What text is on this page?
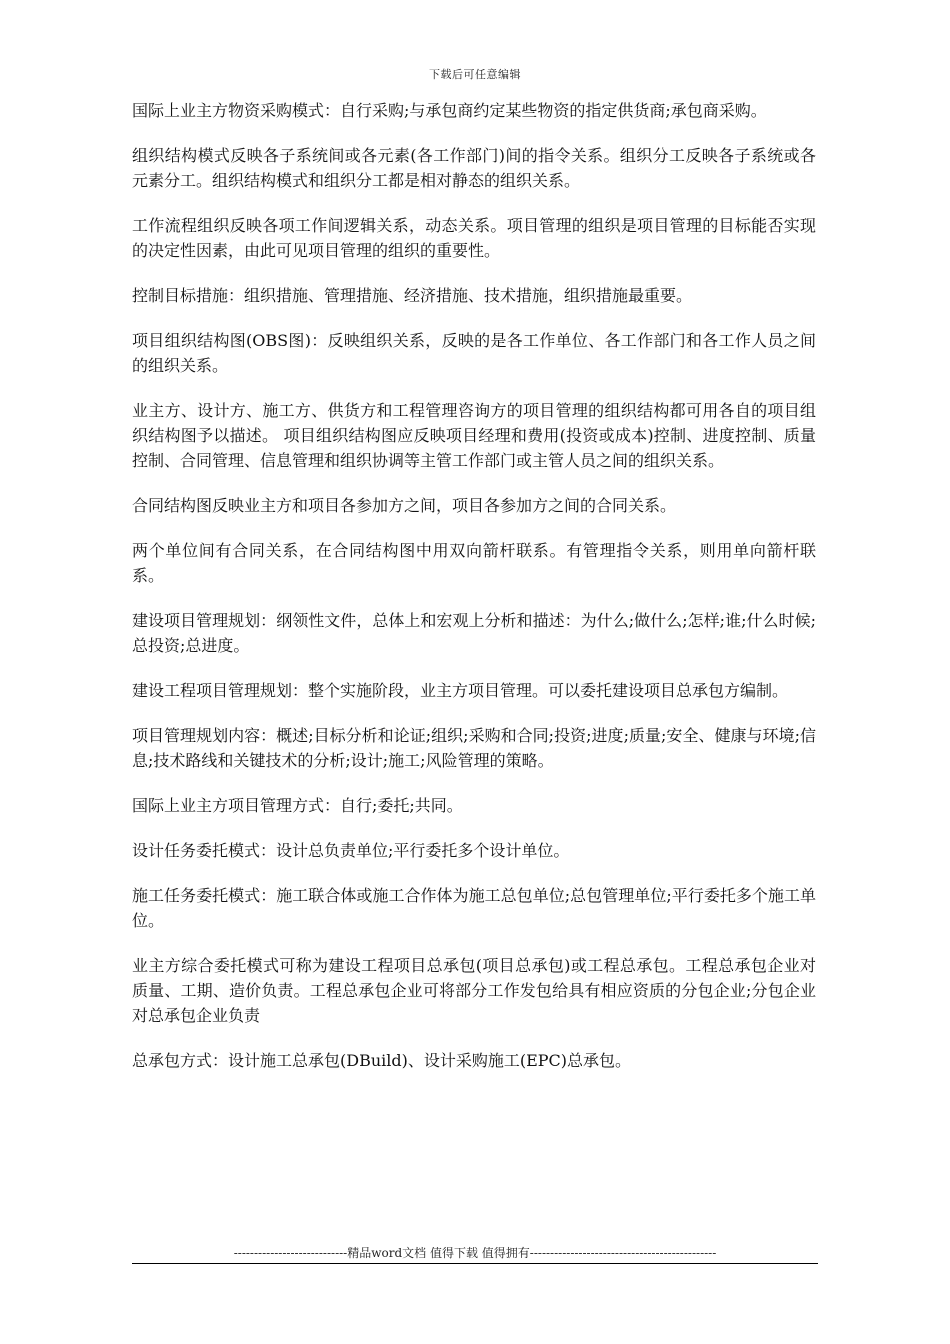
下载后可任意编辑

国际上业主方物资采购模式：自行采购;与承包商约定某些物资的指定供货商;承包商采购。

组织结构模式反映各子系统间或各元素(各工作部门)间的指令关系。组织分工反映各子系统或各元素分工。组织结构模式和组织分工都是相对静态的组织关系。

工作流程组织反映各项工作间逻辑关系，动态关系。项目管理的组织是项目管理的目标能否实现的决定性因素，由此可见项目管理的组织的重要性。

控制目标措施：组织措施、管理措施、经济措施、技术措施，组织措施最重要。

项目组织结构图(OBS图)：反映组织关系，反映的是各工作单位、各工作部门和各工作人员之间的组织关系。

业主方、设计方、施工方、供货方和工程管理咨询方的项目管理的组织结构都可用各自的项目组织结构图予以描述。 项目组织结构图应反映项目经理和费用(投资或成本)控制、进度控制、质量控制、合同管理、信息管理和组织协调等主管工作部门或主管人员之间的组织关系。

合同结构图反映业主方和项目各参加方之间，项目各参加方之间的合同关系。

两个单位间有合同关系，在合同结构图中用双向箭杆联系。有管理指令关系，则用单向箭杆联系。

建设项目管理规划：纲领性文件，总体上和宏观上分析和描述：为什么;做什么;怎样;谁;什么时候;总投资;总进度。

建设工程项目管理规划：整个实施阶段，业主方项目管理。可以委托建设项目总承包方编制。

项目管理规划内容：概述;目标分析和论证;组织;采购和合同;投资;进度;质量;安全、健康与环境;信息;技术路线和关键技术的分析;设计;施工;风险管理的策略。

国际上业主方项目管理方式：自行;委托;共同。

设计任务委托模式：设计总负责单位;平行委托多个设计单位。

施工任务委托模式：施工联合体或施工合作体为施工总包单位;总包管理单位;平行委托多个施工单位。

业主方综合委托模式可称为建设工程项目总承包(项目总承包)或工程总承包。工程总承包企业对质量、工期、造价负责。工程总承包企业可将部分工作发包给具有相应资质的分包企业;分包企业对总承包企业负责

总承包方式：设计施工总承包(DBuild)、设计采购施工(EPC)总承包。

----------------------------精品word文档 值得下载 值得拥有----------------------------------------------
